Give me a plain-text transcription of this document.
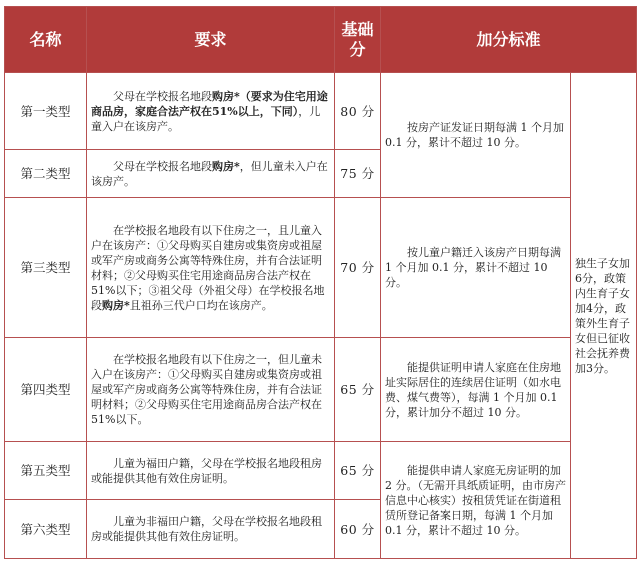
名称	要求	基础分	加分标准	
第一类型	父母在学校报名地段购房*（要求为住宅用途商品房，家庭合法产权在51%以上，下同），儿童入户在该房产。	80 分	按房产证发证日期每满 1 个月加 0.1 分，累计不超过 10 分。	独生子女加6分，政策内生育子女加4分，政策外生育子女但已征收社会抚养费加3分。
第二类型	父母在学校报名地段购房*，但儿童未入户在该房产。	75 分		
第三类型	在学校报名地段有以下住房之一，且儿童入户在该房产：①父母购买自建房或集资房或祖屋或军产房或商务公寓等特殊住房，并有合法证明材料；②父母购买住宅用途商品房合法产权在 51%以下；③祖父母（外祖父母）在学校报名地段购房*且祖孙三代户口均在该房产。	70 分	按儿童户籍迁入该房产日期每满 1 个月加 0.1 分，累计不超过 10 分。	
第四类型	在学校报名地段有以下住房之一，但儿童未入户在该房产：①父母购买自建房或集资房或祖屋或军产房或商务公寓等特殊住房，并有合法证明材料；②父母购买住宅用途商品房合法产权在 51%以下。	65 分	能提供证明申请人家庭在住房地址实际居住的连续居住证明（如水电费、煤气费等），每满 1 个月加 0.1 分，累计加分不超过 10 分。	
第五类型	儿童为福田户籍，父母在学校报名地段租房或能提供其他有效住房证明。	65 分	能提供申请人家庭无房证明的加 2 分。（无需开具纸质证明，由市房产信息中心核实）按租赁凭证在街道租赁所登记备案日期，每满 1 个月加 0.1 分，累计不超过 10 分。	
第六类型	儿童为非福田户籍，父母在学校报名地段租房或能提供其他有效住房证明。	60 分		
